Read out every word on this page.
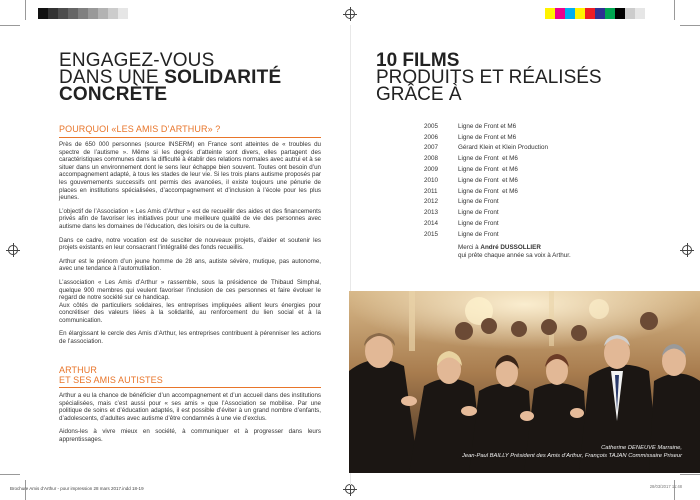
ENGAGEZ-VOUS
DANS UNE SOLIDARITÉ
CONCRÈTE
POURQUOI «LES AMIS D’ARTHUR» ?

Près de 650 000 personnes (source INSERM) en France sont atteintes de « troubles du spectre de l’autisme ». Même si les degrés d’atteinte sont divers, elles partagent des caractéristiques communes dans la difficulté à établir des relations normales avec autrui et à se situer dans un environnement dont le sens leur échappe bien souvent. Toutes ont besoin d’un accompagnement adapté, à tous les stades de leur vie. Si les trois plans autisme proposés par les gouvernements successifs ont permis des avancées, il existe toujours une pénurie de places en institutions spécialisées, d’accompagnement et d’inclusion à l’école pour les plus jeunes.

L’objectif de l’Association « Les Amis d’Arthur » est de recueillir des aides et des financements privés afin de favoriser les initiatives pour une meilleure qualité de vie des personnes avec autisme dans les domaines de l’éducation, des loisirs ou de la culture.

Dans ce cadre, notre vocation est de susciter de nouveaux projets, d’aider et soutenir les projets existants en leur consacrant l’intégralité des fonds recueillis.

Arthur est le prénom d’un jeune homme de 28 ans, autiste sévère, mutique, pas autonome, avec une tendance à l’automutilation.

L’association « Les Amis d’Arthur » rassemble, sous la présidence de Thibaud Simphal, quelque 900 membres qui veulent favoriser l’inclusion de ces personnes et faire évoluer le regard de notre société sur ce handicap.
Aux côtés de particuliers solidaires, les entreprises impliquées allient leurs énergies pour concrétiser des valeurs liées à la solidarité, au renforcement du lien social et à la communication.

En élargissant le cercle des Amis d’Arthur, les entreprises contribuent à pérenniser les actions de l’association.

ARTHUR
ET SES AMIS AUTISTES

Arthur a eu la chance de bénéficier d’un accompagnement et d’un accueil dans des institutions spécialisées, mais c’est aussi pour « ses amis » que l’Association se mobilise. Par une politique de soins et d’éducation adaptés, il est possible d’éviter à un grand nombre d’enfants, d’adolescents, d’adultes avec autisme d’être condamnés à une vie d’exclus.

Aidons-les à vivre mieux en société, à communiquer et à progresser dans leurs apprentissages.

10 FILMS
PRODUITS ET RÉALISÉS
GRÂCE À
2005	Ligne de Front et M6
2006	Ligne de Front et M6
2007	Gérard Klein et Klein Production
2008	Ligne de Front  et M6
2009	Ligne de Front  et M6
2010	Ligne de Front  et M6
2011	Ligne de Front  et M6
2012	Ligne de Front
2013	Ligne de Front
2014	Ligne de Front
2015	Ligne de Front
Merci à André DUSSOLLIER
qui prête chaque année sa voix à Arthur.
Catherine DENEUVE Marraine,
Jean-Paul BAILLY Président des Amis d’Arthur, François TAJAN Commissaire Priseur
Brochure Amis d’Arthur - pour impression 28 mars 2017.indd 18-19	28/03/2017 11:48
